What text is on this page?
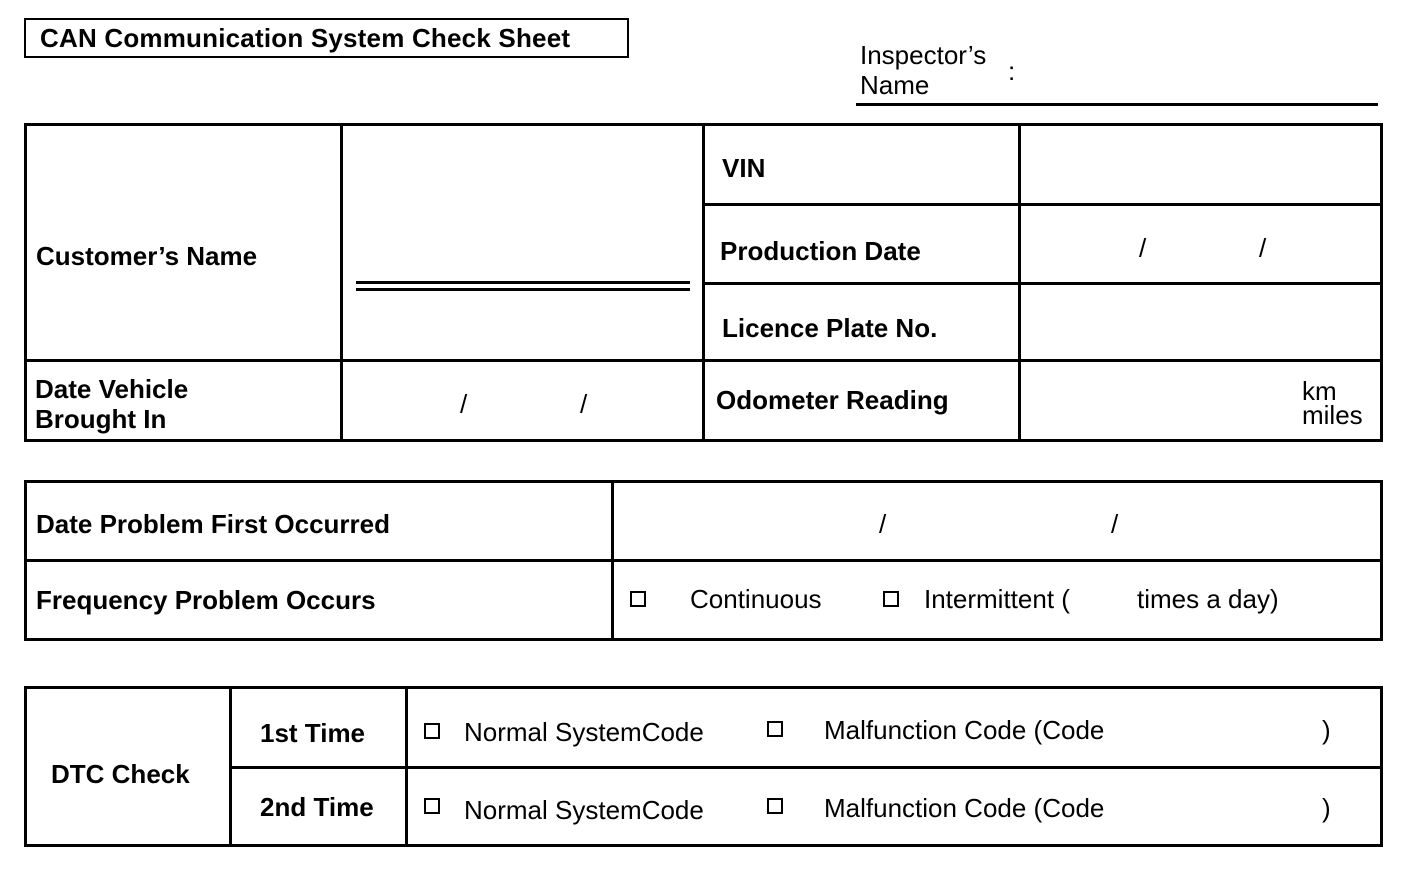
CAN Communication System Check Sheet
Inspector’s
Name	:
Customer’s Name		VIN	

		Production Date	/ /

		Licence Plate No.	

Date Vehicle
Brought In	/ /	Odometer Reading	km
miles
Date Problem First Occurred	/ /

Frequency Problem Occurs	Continuous Intermittent ( times a day)
DTC Check	1st Time	Normal SystemCode Malfunction Code (Code )

	2nd Time	Normal SystemCode Malfunction Code (Code )
